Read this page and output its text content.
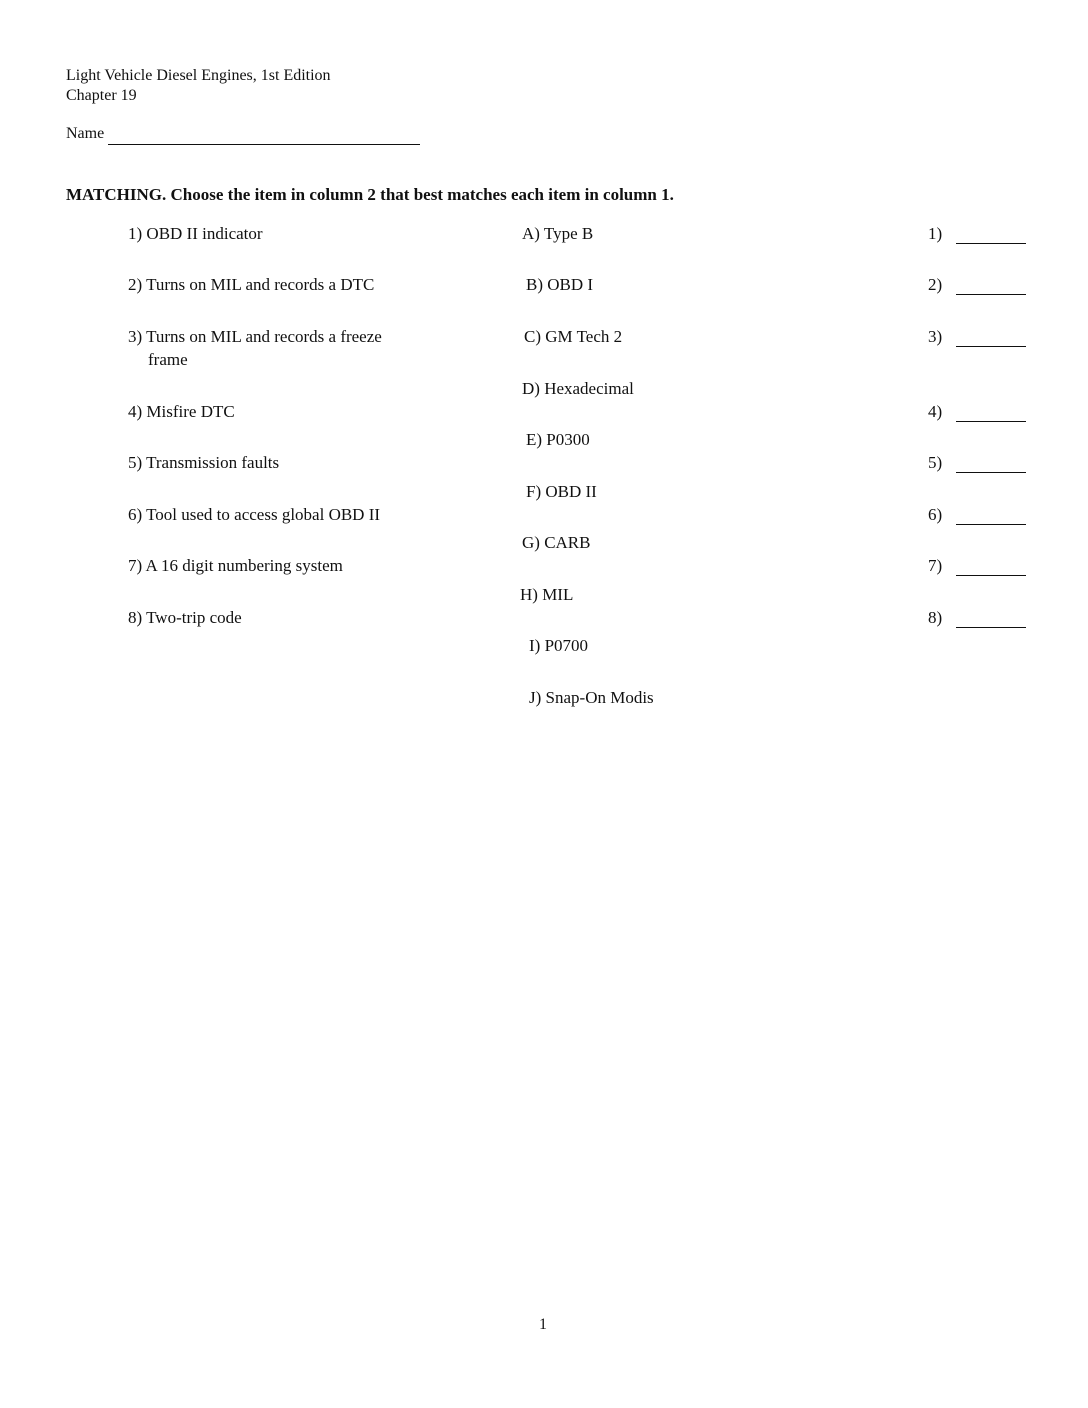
Light Vehicle Diesel Engines, 1st Edition
Chapter 19
Name
MATCHING. Choose the item in column 2 that best matches each item in column 1.
1) OBD II indicator
2) Turns on MIL and records a DTC
3) Turns on MIL and records a freeze
frame
4) Misfire DTC
5) Transmission faults
6) Tool used to access global OBD II
7) A 16 digit numbering system
8) Two-trip code
A) Type B
B) OBD I
C) GM Tech 2
D) Hexadecimal
E) P0300
F) OBD II
G) CARB
H) MIL
I) P0700
J) Snap-On Modis
1)
2)
3)
4)
5)
6)
7)
8)
1
